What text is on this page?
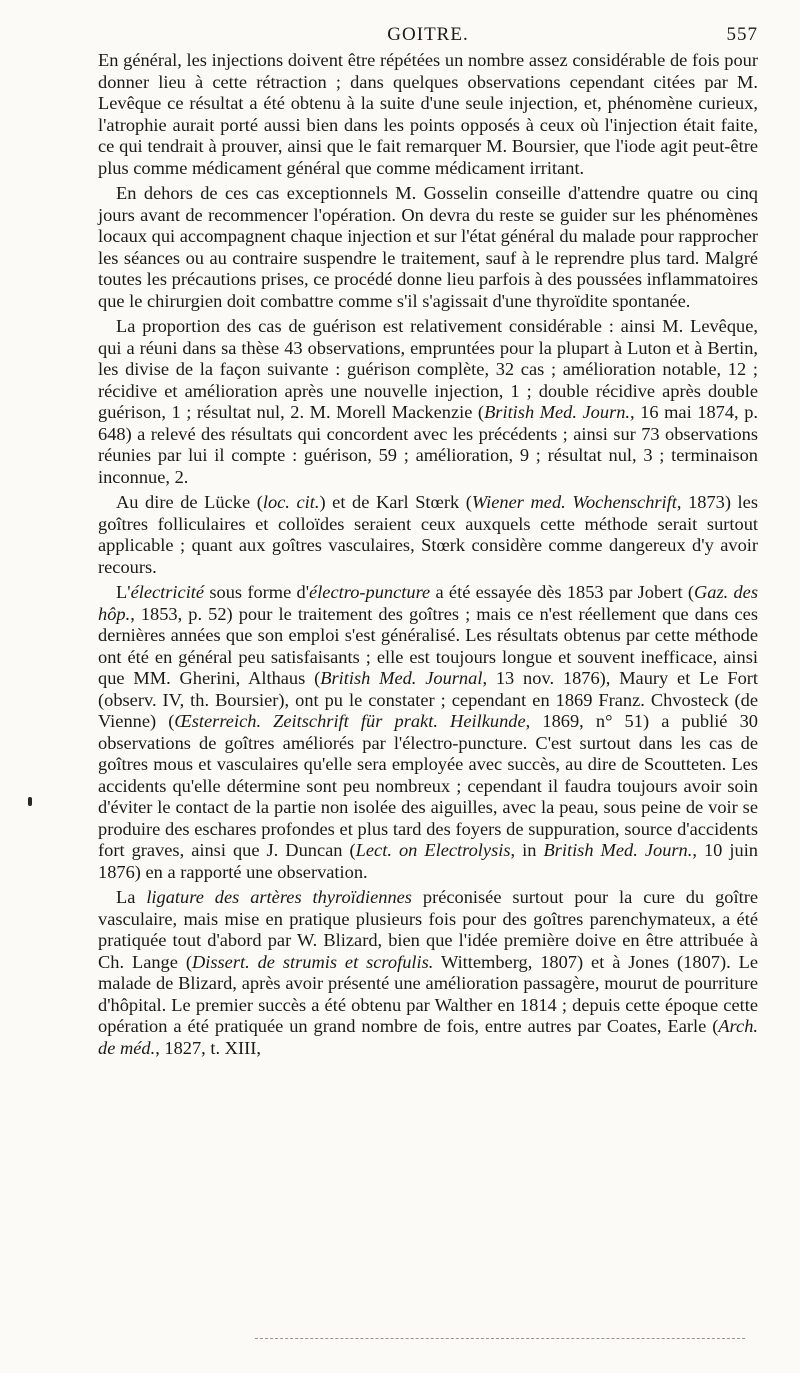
GOITRE.	557

En général, les injections doivent être répétées un nombre assez considérable de fois pour donner lieu à cette rétraction ; dans quelques observations cependant citées par M. Levêque ce résultat a été obtenu à la suite d'une seule injection, et, phénomène curieux, l'atrophie aurait porté aussi bien dans les points opposés à ceux où l'injection était faite, ce qui tendrait à prouver, ainsi que le fait remarquer M. Boursier, que l'iode agit peut-être plus comme médicament général que comme médicament irritant.

En dehors de ces cas exceptionnels M. Gosselin conseille d'attendre quatre ou cinq jours avant de recommencer l'opération. On devra du reste se guider sur les phénomènes locaux qui accompagnent chaque injection et sur l'état général du malade pour rapprocher les séances ou au contraire suspendre le traitement, sauf à le reprendre plus tard. Malgré toutes les précautions prises, ce procédé donne lieu parfois à des poussées inflammatoires que le chirurgien doit combattre comme s'il s'agissait d'une thyroïdite spontanée.

La proportion des cas de guérison est relativement considérable : ainsi M. Levêque, qui a réuni dans sa thèse 43 observations, empruntées pour la plupart à Luton et à Bertin, les divise de la façon suivante : guérison complète, 32 cas ; amélioration notable, 12 ; récidive et amélioration après une nouvelle injection, 1 ; double récidive après double guérison, 1 ; résultat nul, 2. M. Morell Mackenzie (British Med. Journ., 16 mai 1874, p. 648) a relevé des résultats qui concordent avec les précédents ; ainsi sur 73 observations réunies par lui il compte : guérison, 59 ; amélioration, 9 ; résultat nul, 3 ; terminaison inconnue, 2.

Au dire de Lücke (loc. cit.) et de Karl Stœrk (Wiener med. Wochenschrift, 1873) les goîtres folliculaires et colloïdes seraient ceux auxquels cette méthode serait surtout applicable ; quant aux goîtres vasculaires, Stœrk considère comme dangereux d'y avoir recours.

L'électricité sous forme d'électro-puncture a été essayée dès 1853 par Jobert (Gaz. des hôp., 1853, p. 52) pour le traitement des goîtres ; mais ce n'est réellement que dans ces dernières années que son emploi s'est généralisé. Les résultats obtenus par cette méthode ont été en général peu satisfaisants ; elle est toujours longue et souvent inefficace, ainsi que MM. Gherini, Althaus (British Med. Journal, 13 nov. 1876), Maury et Le Fort (observ. IV, th. Boursier), ont pu le constater ; cependant en 1869 Franz. Chvosteck (de Vienne) (Œsterreich. Zeitschrift für prakt. Heilkunde, 1869, n° 51) a publié 30 observations de goîtres améliorés par l'électro-puncture. C'est surtout dans les cas de goîtres mous et vasculaires qu'elle sera employée avec succès, au dire de Scoutteten. Les accidents qu'elle détermine sont peu nombreux ; cependant il faudra toujours avoir soin d'éviter le contact de la partie non isolée des aiguilles, avec la peau, sous peine de voir se produire des eschares profondes et plus tard des foyers de suppuration, source d'accidents fort graves, ainsi que J. Duncan (Lect. on Electrolysis, in British Med. Journ., 10 juin 1876) en a rapporté une observation.

La ligature des artères thyroïdiennes préconisée surtout pour la cure du goître vasculaire, mais mise en pratique plusieurs fois pour des goîtres parenchymateux, a été pratiquée tout d'abord par W. Blizard, bien que l'idée première doive en être attribuée à Ch. Lange (Dissert. de strumis et scrofulis. Wittemberg, 1807) et à Jones (1807). Le malade de Blizard, après avoir présenté une amélioration passagère, mourut de pourriture d'hôpital. Le premier succès a été obtenu par Walther en 1814 ; depuis cette époque cette opération a été pratiquée un grand nombre de fois, entre autres par Coates, Earle (Arch. de méd., 1827, t. XIII,
